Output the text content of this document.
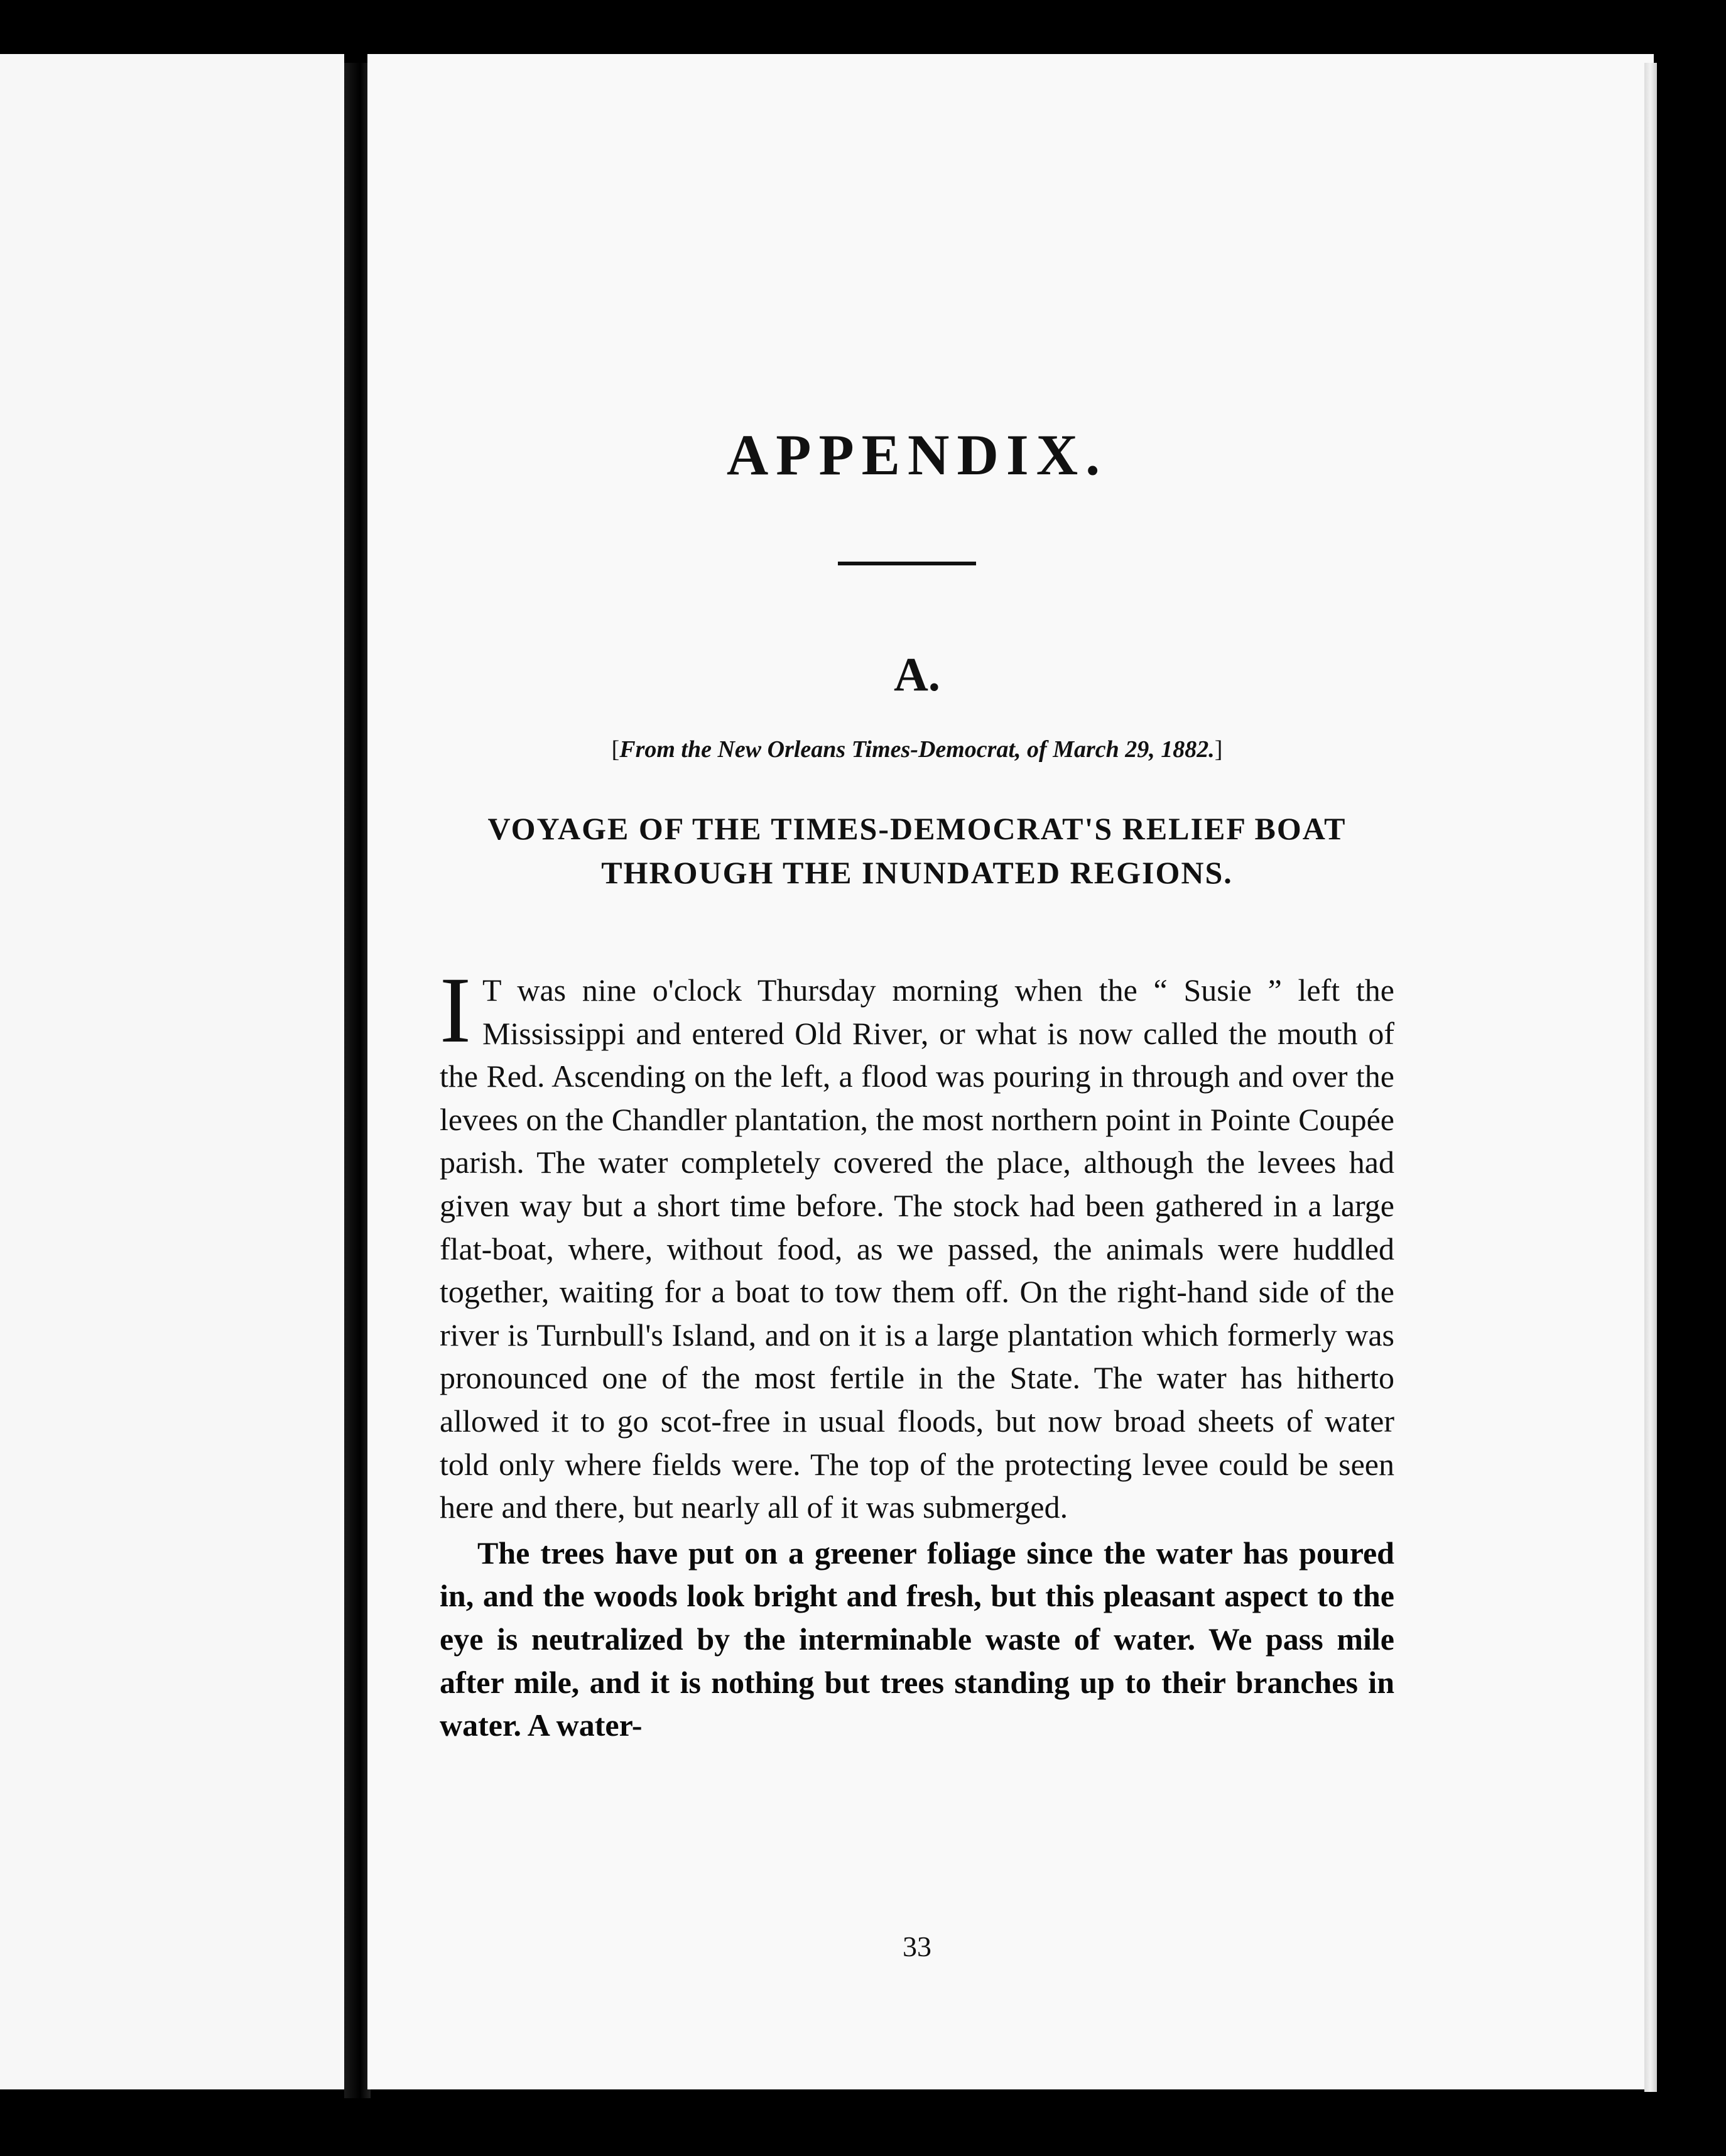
APPENDIX.
A.
[From the New Orleans Times-Democrat, of March 29, 1882.]
VOYAGE OF THE TIMES-DEMOCRAT'S RELIEF BOAT
THROUGH THE INUNDATED REGIONS.

IT was nine o'clock Thursday morning when the “ Susie ” left the Mississippi and entered Old River, or what is now called the mouth of the Red. Ascending on the left, a flood was pouring in through and over the levees on the Chandler plantation, the most northern point in Pointe Coupée parish. The water completely covered the place, although the levees had given way but a short time before. The stock had been gathered in a large flat-boat, where, without food, as we passed, the animals were huddled together, waiting for a boat to tow them off. On the right-hand side of the river is Turnbull's Island, and on it is a large plantation which formerly was pronounced one of the most fertile in the State. The water has hitherto allowed it to go scot-free in usual floods, but now broad sheets of water told only where fields were. The top of the protecting levee could be seen here and there, but nearly all of it was submerged.

The trees have put on a greener foliage since the water has poured in, and the woods look bright and fresh, but this pleasant aspect to the eye is neutralized by the interminable waste of water. We pass mile after mile, and it is nothing but trees standing up to their branches in water. A water-

33
